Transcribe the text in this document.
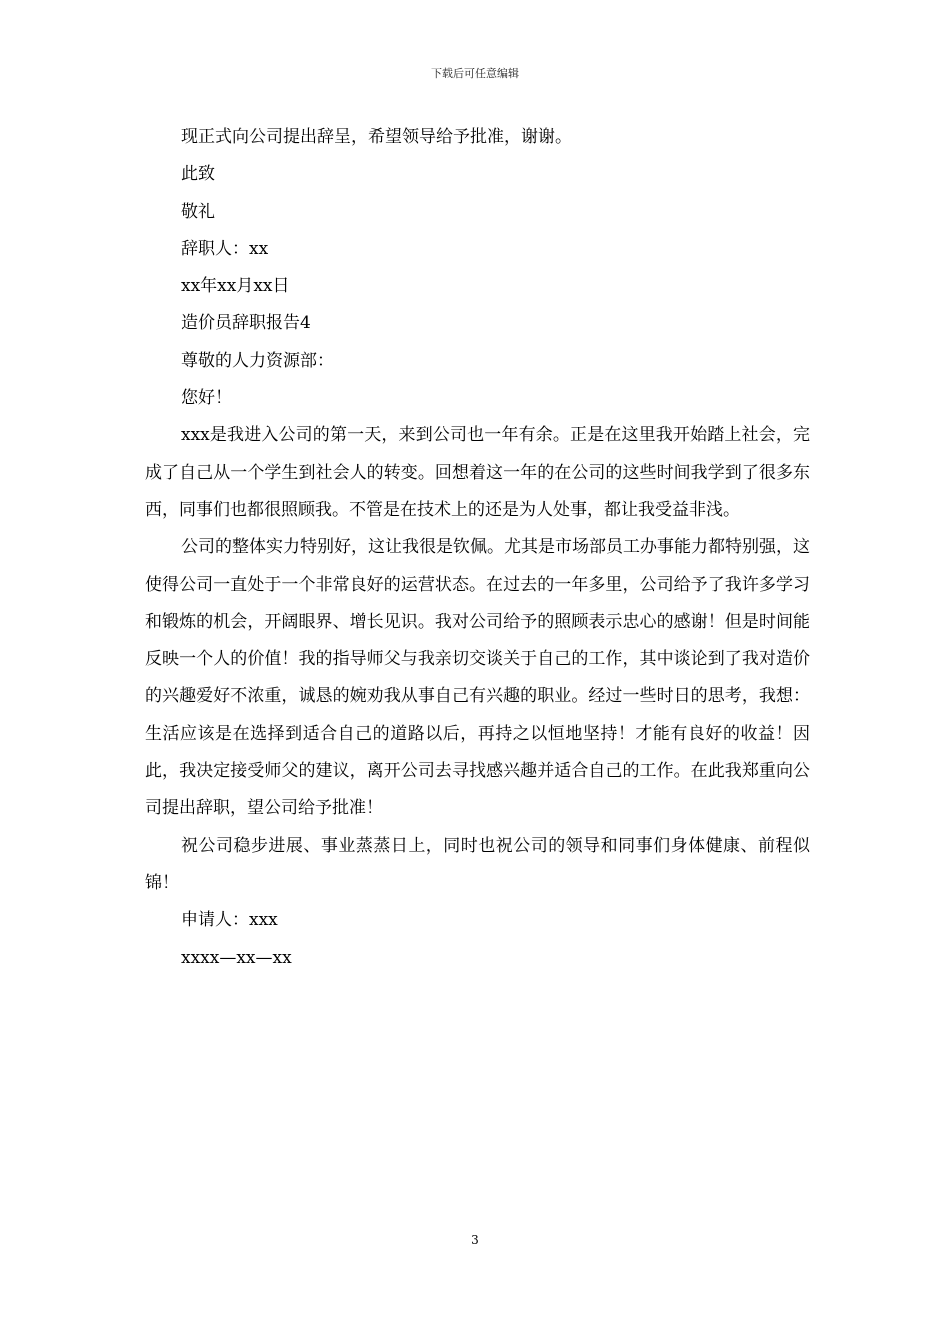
下载后可任意编辑

现正式向公司提出辞呈，希望领导给予批准，谢谢。

此致

敬礼

辞职人：xx

xx年xx月xx日

造价员辞职报告4

尊敬的人力资源部：

您好！

xxx是我进入公司的第一天，来到公司也一年有余。正是在这里我开始踏上社会，完成了自己从一个学生到社会人的转变。回想着这一年的在公司的这些时间我学到了很多东西，同事们也都很照顾我。不管是在技术上的还是为人处事，都让我受益非浅。

公司的整体实力特别好，这让我很是钦佩。尤其是市场部员工办事能力都特别强，这使得公司一直处于一个非常良好的运营状态。在过去的一年多里，公司给予了我许多学习和锻炼的机会，开阔眼界、增长见识。我对公司给予的照顾表示忠心的感谢！但是时间能反映一个人的价值！我的指导师父与我亲切交谈关于自己的工作，其中谈论到了我对造价的兴趣爱好不浓重，诚恳的婉劝我从事自己有兴趣的职业。经过一些时日的思考，我想：生活应该是在选择到适合自己的道路以后，再持之以恒地坚持！才能有良好的收益！因此，我决定接受师父的建议，离开公司去寻找感兴趣并适合自己的工作。在此我郑重向公司提出辞职，望公司给予批准！

祝公司稳步进展、事业蒸蒸日上，同时也祝公司的领导和同事们身体健康、前程似锦！

申请人：xxx

xxxx—xx—xx

3
